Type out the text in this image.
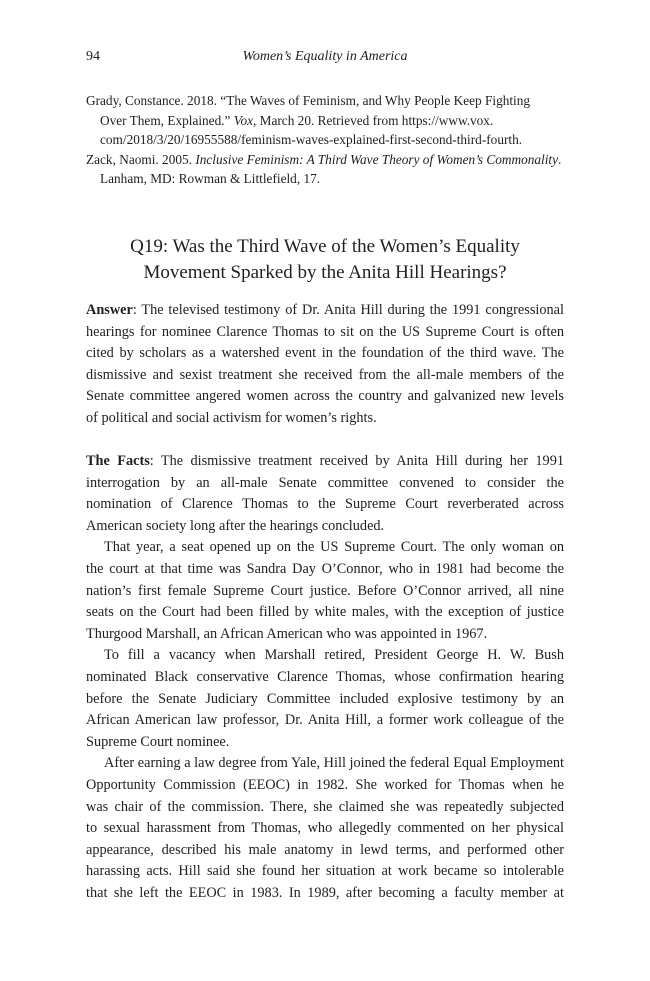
94	Women’s Equality in America
Grady, Constance. 2018. “The Waves of Feminism, and Why People Keep Fighting
Over Them, Explained.” Vox, March 20. Retrieved from https://www.vox.
com/2018/3/20/16955588/feminism-waves-explained-first-second-third-fourth.
Zack, Naomi. 2005. Inclusive Feminism: A Third Wave Theory of Women’s Commonality.
Lanham, MD: Rowman & Littlefield, 17.
Q19: Was the Third Wave of the Women’s Equality
Movement Sparked by the Anita Hill Hearings?
Answer: The televised testimony of Dr. Anita Hill during the 1991 congressional
hearings for nominee Clarence Thomas to sit on the US Supreme Court is often
cited by scholars as a watershed event in the foundation of the third wave. The
dismissive and sexist treatment she received from the all-male members of the
Senate committee angered women across the country and galvanized new levels
of political and social activism for women’s rights.
The Facts: The dismissive treatment received by Anita Hill during her 1991
interrogation by an all-male Senate committee convened to consider the
nomination of Clarence Thomas to the Supreme Court reverberated across
American society long after the hearings concluded.
That year, a seat opened up on the US Supreme Court. The only woman on
the court at that time was Sandra Day O’Connor, who in 1981 had become the
nation’s first female Supreme Court justice. Before O’Connor arrived, all nine
seats on the Court had been filled by white males, with the exception of justice
Thurgood Marshall, an African American who was appointed in 1967.
To fill a vacancy when Marshall retired, President George H. W. Bush
nominated Black conservative Clarence Thomas, whose confirmation hearing
before the Senate Judiciary Committee included explosive testimony by an
African American law professor, Dr. Anita Hill, a former work colleague of the
Supreme Court nominee.
After earning a law degree from Yale, Hill joined the federal Equal Employment
Opportunity Commission (EEOC) in 1982. She worked for Thomas when he
was chair of the commission. There, she claimed she was repeatedly subjected
to sexual harassment from Thomas, who allegedly commented on her physical
appearance, described his male anatomy in lewd terms, and performed other
harassing acts. Hill said she found her situation at work became so intolerable
that she left the EEOC in 1983. In 1989, after becoming a faculty member at
